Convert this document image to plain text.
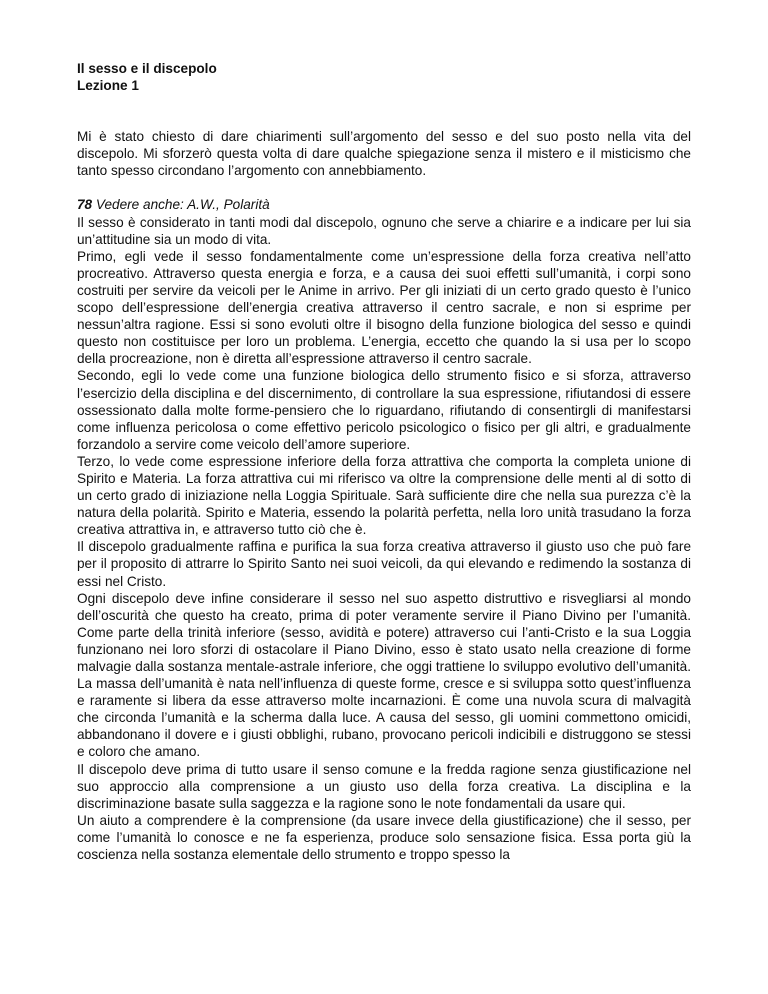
Il sesso e il discepolo

Lezione 1

Mi è stato chiesto di dare chiarimenti sull’argomento del sesso e del suo posto nella vita del discepolo. Mi sforzerò questa volta di dare qualche spiegazione senza il mistero e il misticismo che tanto spesso circondano l’argomento con annebbiamento.

78 Vedere anche: A.W., Polarità

Il sesso è considerato in tanti modi dal discepolo, ognuno che serve a chiarire e a indicare per lui sia un’attitudine sia un modo di vita.

Primo, egli vede il sesso fondamentalmente come un’espressione della forza creativa nell’atto procreativo. Attraverso questa energia e forza, e a causa dei suoi effetti sull’umanità, i corpi sono costruiti per servire da veicoli per le Anime in arrivo. Per gli iniziati di un certo grado questo è l’unico scopo dell’espressione dell’energia creativa attraverso il centro sacrale, e non si esprime per nessun’altra ragione. Essi si sono evoluti oltre il bisogno della funzione biologica del sesso e quindi questo non costituisce per loro un problema. L’energia, eccetto che quando la si usa per lo scopo della procreazione, non è diretta all’espressione attraverso il centro sacrale.

Secondo, egli lo vede come una funzione biologica dello strumento fisico e si sforza, attraverso l’esercizio della disciplina e del discernimento, di controllare la sua espressione, rifiutandosi di essere ossessionato dalla molte forme-pensiero che lo riguardano, rifiutando di consentirgli di manifestarsi come influenza pericolosa o come effettivo pericolo psicologico o fisico per gli altri, e gradualmente forzandolo a servire come veicolo dell’amore superiore.

Terzo, lo vede come espressione inferiore della forza attrattiva che comporta la completa unione di Spirito e Materia. La forza attrattiva cui mi riferisco va oltre la comprensione delle menti al di sotto di un certo grado di iniziazione nella Loggia Spirituale. Sarà sufficiente dire che nella sua purezza c’è la natura della polarità. Spirito e Materia, essendo la polarità perfetta, nella loro unità trasudano la forza creativa attrattiva in, e attraverso tutto ciò che è.

Il discepolo gradualmente raffina e purifica la sua forza creativa attraverso il giusto uso che può fare per il proposito di attrarre lo Spirito Santo nei suoi veicoli, da qui elevando e redimendo la sostanza di essi nel Cristo.

Ogni discepolo deve infine considerare il sesso nel suo aspetto distruttivo e risvegliarsi al mondo dell’oscurità che questo ha creato, prima di poter veramente servire il Piano Divino per l’umanità. Come parte della trinità inferiore (sesso, avidità e potere) attraverso cui l’anti-Cristo e la sua Loggia funzionano nei loro sforzi di ostacolare il Piano Divino, esso è stato usato nella creazione di forme malvagie dalla sostanza mentale-astrale inferiore, che oggi trattiene lo sviluppo evolutivo dell’umanità. La massa dell’umanità è nata nell’influenza di queste forme, cresce e si sviluppa sotto quest’influenza e raramente si libera da esse attraverso molte incarnazioni. È come una nuvola scura di malvagità che circonda l’umanità e la scherma dalla luce. A causa del sesso, gli uomini commettono omicidi, abbandonano il dovere e i giusti obblighi, rubano, provocano pericoli indicibili e distruggono se stessi e coloro che amano.

Il discepolo deve prima di tutto usare il senso comune e la fredda ragione senza giustificazione nel suo approccio alla comprensione a un giusto uso della forza creativa. La disciplina e la discriminazione basate sulla saggezza e la ragione sono le note fondamentali da usare qui.

Un aiuto a comprendere è la comprensione (da usare invece della giustificazione) che il sesso, per come l’umanità lo conosce e ne fa esperienza, produce solo sensazione fisica. Essa porta giù la coscienza nella sostanza elementale dello strumento e troppo spesso la
